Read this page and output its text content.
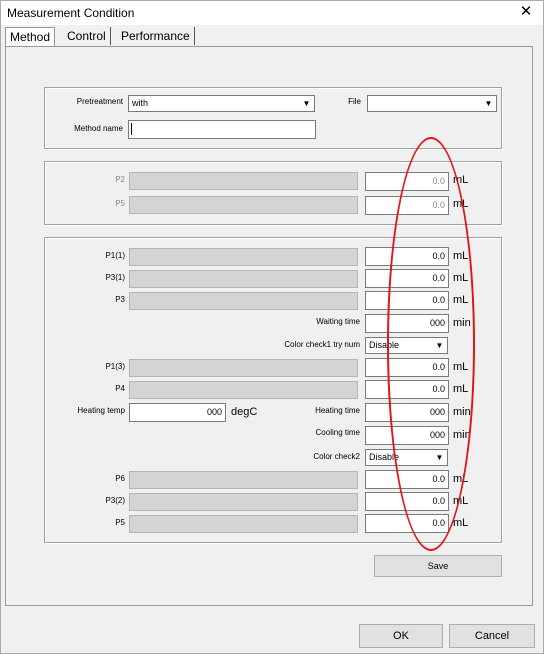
Measurement Condition	✕
Method	Control	Performance
Pretreatment	with	▼	File	▼
Method name
P2	0.0 mL
P5	0.0 mL
P1(1)	0.0 mL
P3(1)	0.0 mL
P3	0.0 mL
Waiting time	000 min
Color check1 try num	Disable	▼
P1(3)	0.0 mL
P4	0.0 mL
Heating temp	000 degC	Heating time	000 min
Cooling time	000 min
Color check2	Disable	▼
P6	0.0 mL
P3(2)	0.0 mL
P5	0.0 mL
Save
OK	Cancel
